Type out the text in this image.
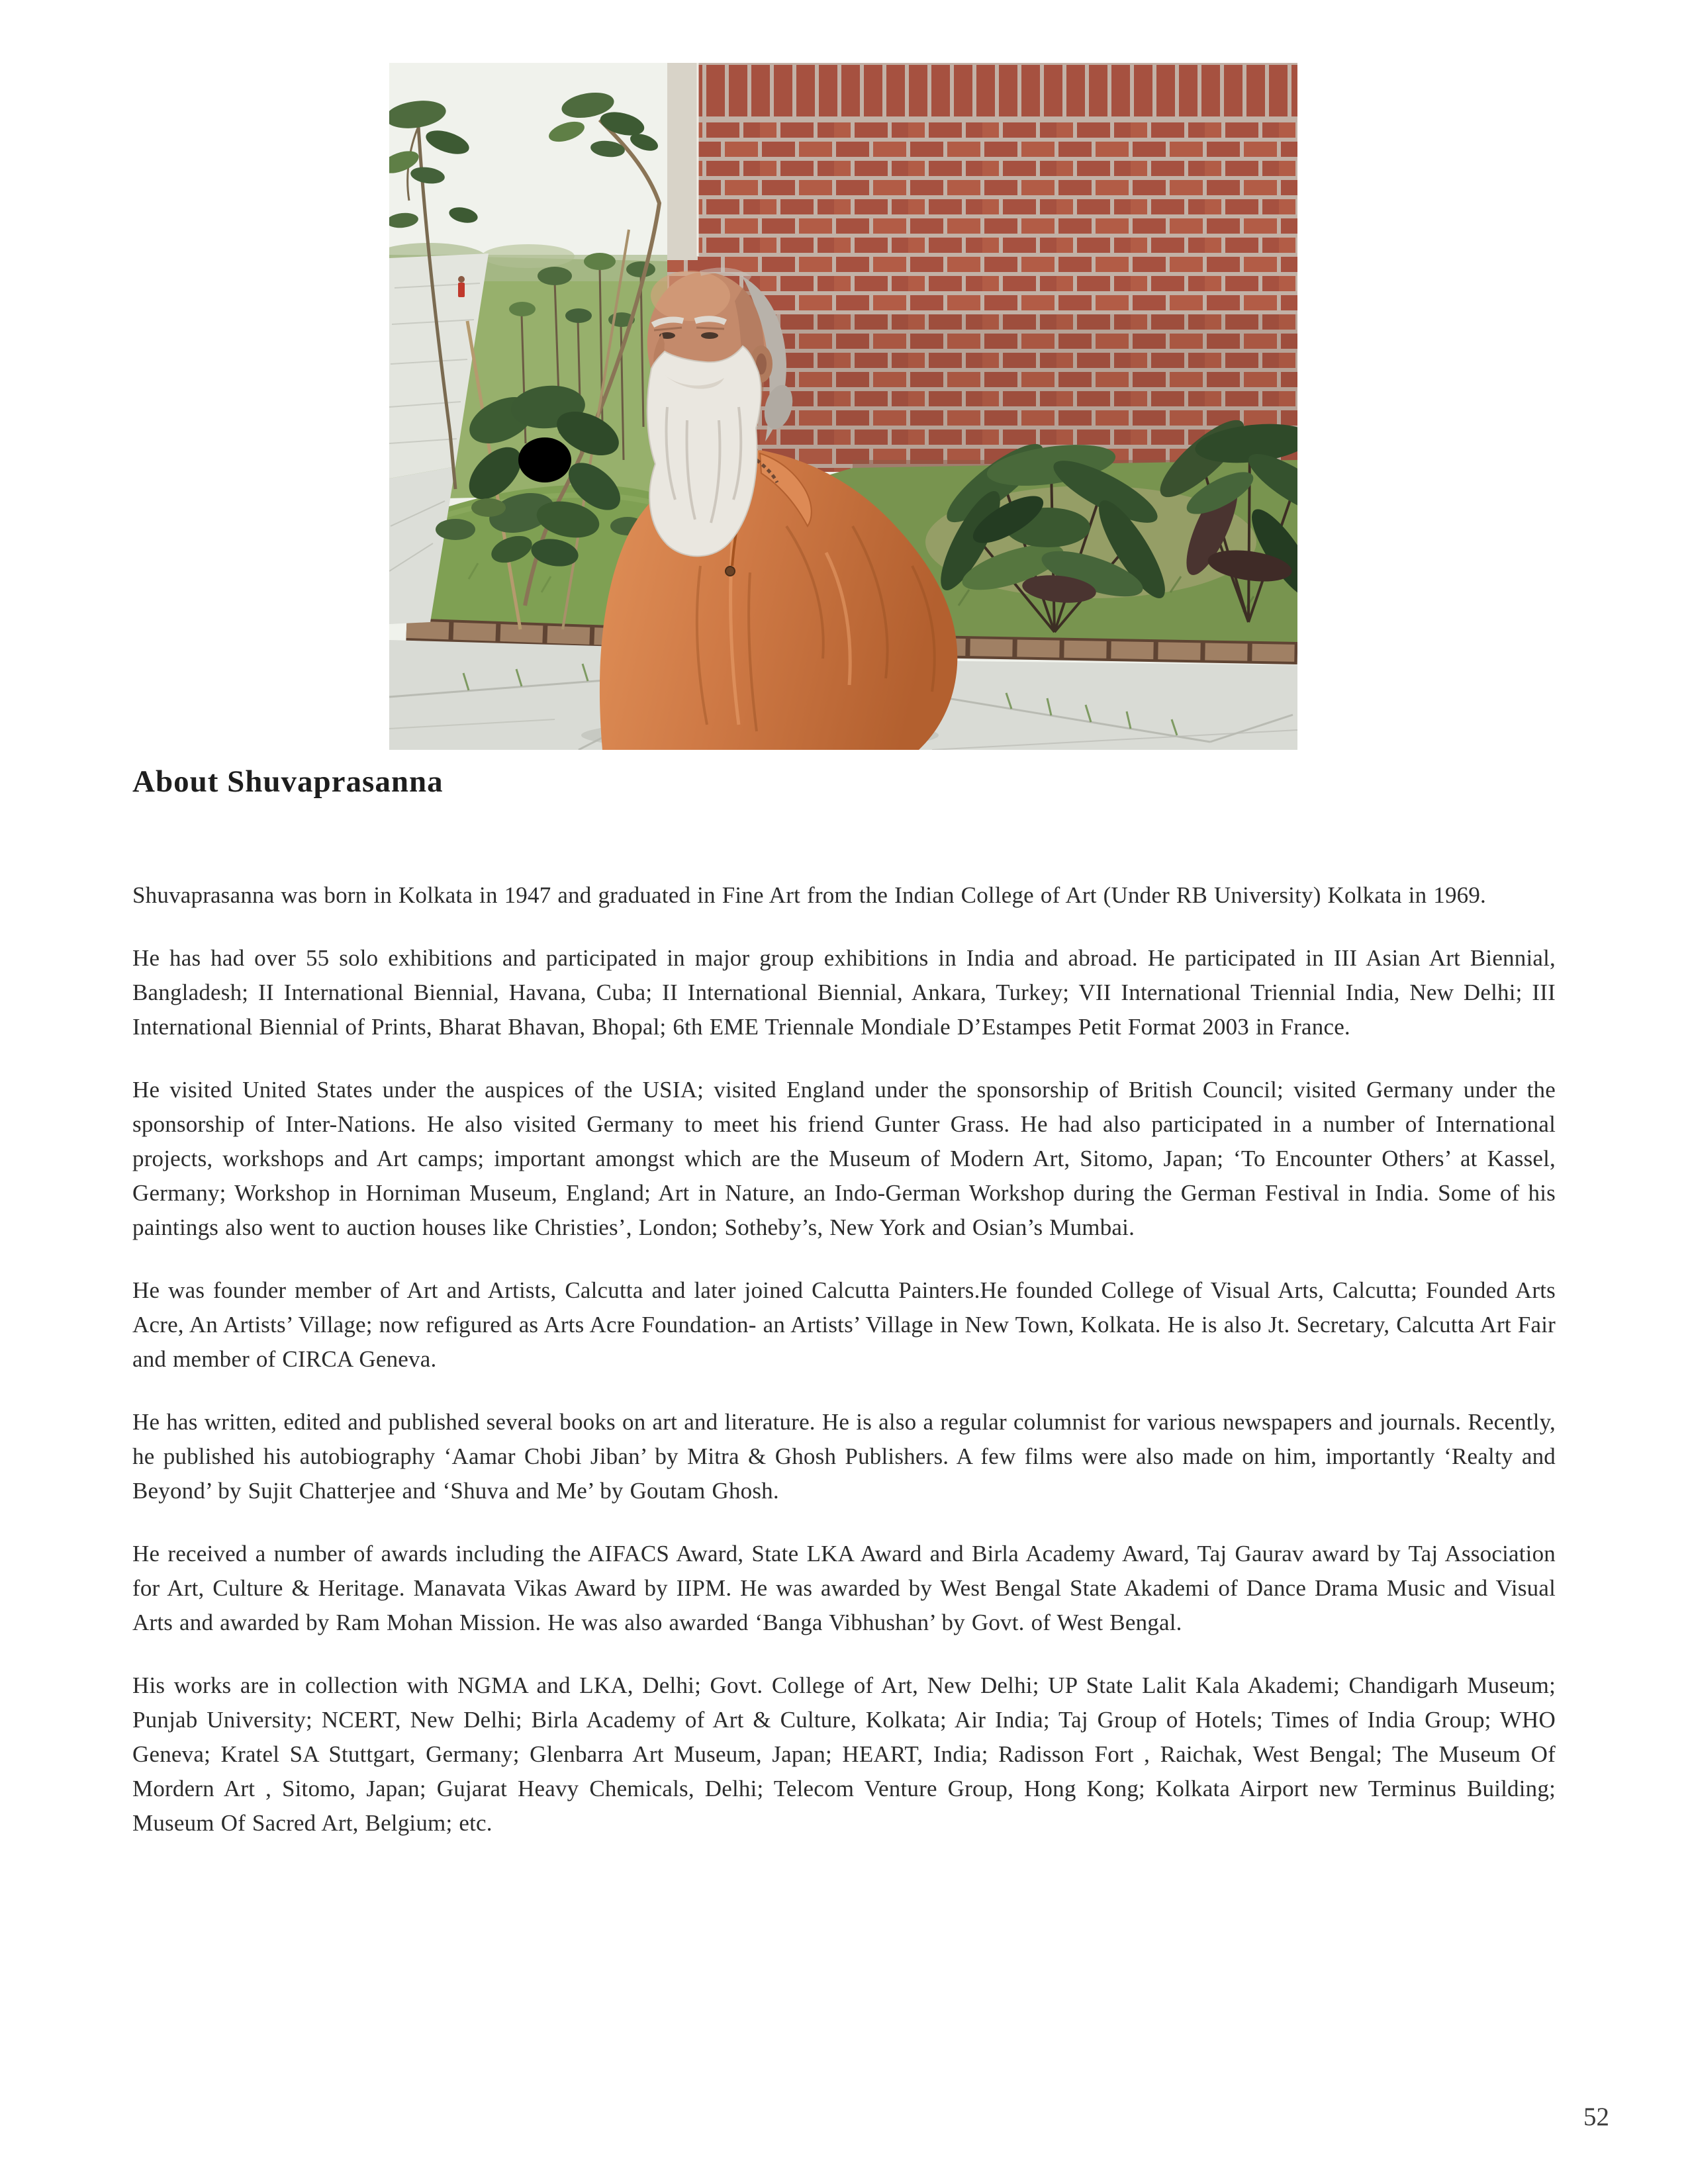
About Shuvaprasanna

Shuvaprasanna was born in Kolkata in 1947 and graduated in Fine Art from the Indian College of Art (Under RB University) Kolkata in 1969.

He has had over 55 solo exhibitions and participated in major group exhibitions in India and abroad. He participated in III Asian Art Biennial, Bangladesh; II International Biennial, Havana, Cuba; II International Biennial, Ankara, Turkey; VII International Triennial India, New Delhi; III International Biennial of Prints, Bharat Bhavan, Bhopal; 6th EME Triennale Mondiale D’Estampes Petit Format 2003 in France.

He visited United States under the auspices of the USIA; visited England under the sponsorship of British Council; visited Germany under the sponsorship of Inter-Nations. He also visited Germany to meet his friend Gunter Grass. He had also participated in a number of International projects, workshops and Art camps; important amongst which are the Museum of Modern Art, Sitomo, Japan; ‘To Encounter Others’ at Kassel, Germany; Workshop in Horniman Museum, England; Art in Nature, an Indo-German Workshop during the German Festival in India. Some of his paintings also went to auction houses like Christies’, London; Sotheby’s, New York and Osian’s Mumbai.

He was founder member of Art and Artists, Calcutta and later joined Calcutta Painters.He founded College of Visual Arts, Calcutta; Founded Arts Acre, An Artists’ Village; now refigured as Arts Acre Foundation- an Artists’ Village in New Town, Kolkata. He is also Jt. Secretary, Calcutta Art Fair and member of CIRCA Geneva.

He has written, edited and published several books on art and literature. He is also a regular columnist for various newspapers and journals. Recently, he published his autobiography ‘Aamar Chobi Jiban’ by Mitra & Ghosh Publishers. A few films were also made on him, importantly ‘Realty and Beyond’ by Sujit Chatterjee and ‘Shuva and Me’ by Goutam Ghosh.

He received a number of awards including the AIFACS Award, State LKA Award and Birla Academy Award, Taj Gaurav award by Taj Association for Art, Culture & Heritage. Manavata Vikas Award by IIPM. He was awarded by West Bengal State Akademi of Dance Drama Music and Visual Arts and awarded by Ram Mohan Mission. He was also awarded ‘Banga Vibhushan’ by Govt. of West Bengal.

His works are in collection with NGMA and LKA, Delhi; Govt. College of Art, New Delhi; UP State Lalit Kala Akademi; Chandigarh Museum; Punjab University; NCERT, New Delhi; Birla Academy of Art & Culture, Kolkata; Air India; Taj Group of Hotels; Times of India Group; WHO Geneva; Kratel SA Stuttgart, Germany; Glenbarra Art Museum, Japan; HEART, India; Radisson Fort , Raichak, West Bengal; The Museum Of Mordern Art , Sitomo, Japan; Gujarat Heavy Chemicals, Delhi; Telecom Venture Group, Hong Kong; Kolkata Airport new Terminus Building; Museum Of Sacred Art, Belgium; etc.

52
